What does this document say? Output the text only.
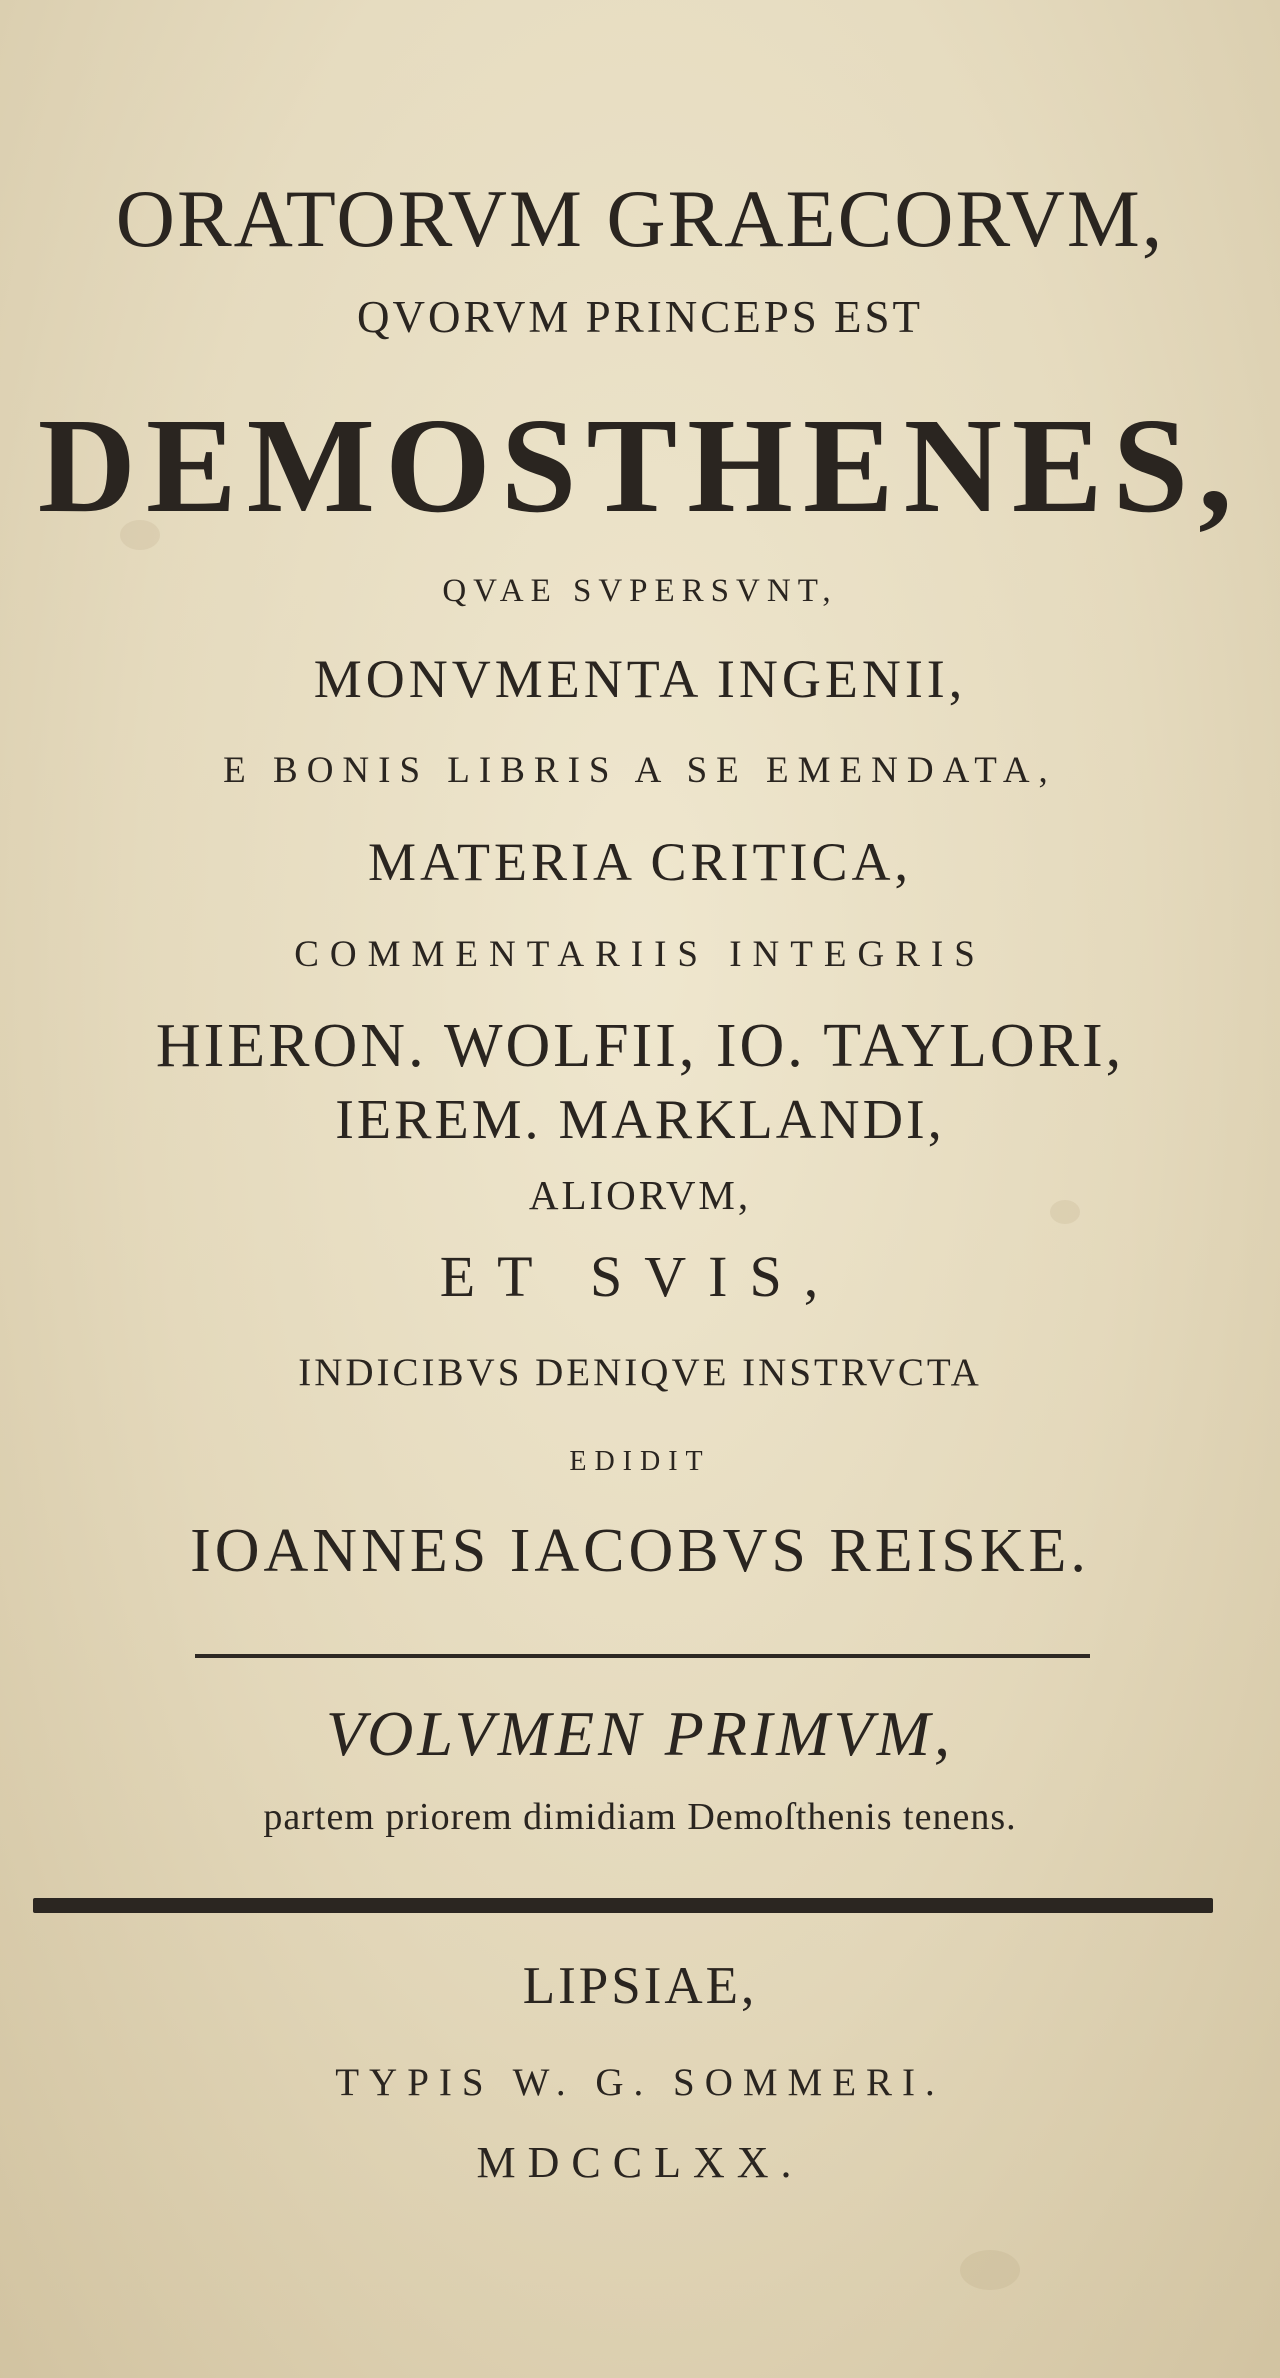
ORATORVM GRAECORVM,
QVORVM PRINCEPS EST
DEMOSTHENES,
QVAE SVPERSVNT,
MONVMENTA INGENII,
E BONIS LIBRIS A SE EMENDATA,
MATERIA CRITICA,
COMMENTARIIS INTEGRIS
HIERON. WOLFII, IO. TAYLORI,
IEREM. MARKLANDI,
ALIORVM,
ET SVIS,
INDICIBVS DENIQVE INSTRVCTA
EDIDIT
IOANNES IACOBVS REISKE.
VOLVMEN PRIMVM,
partem priorem dimidiam Demoſthenis tenens.
LIPSIAE,
TYPIS W. G. SOMMERI.
MDCCLXX.
